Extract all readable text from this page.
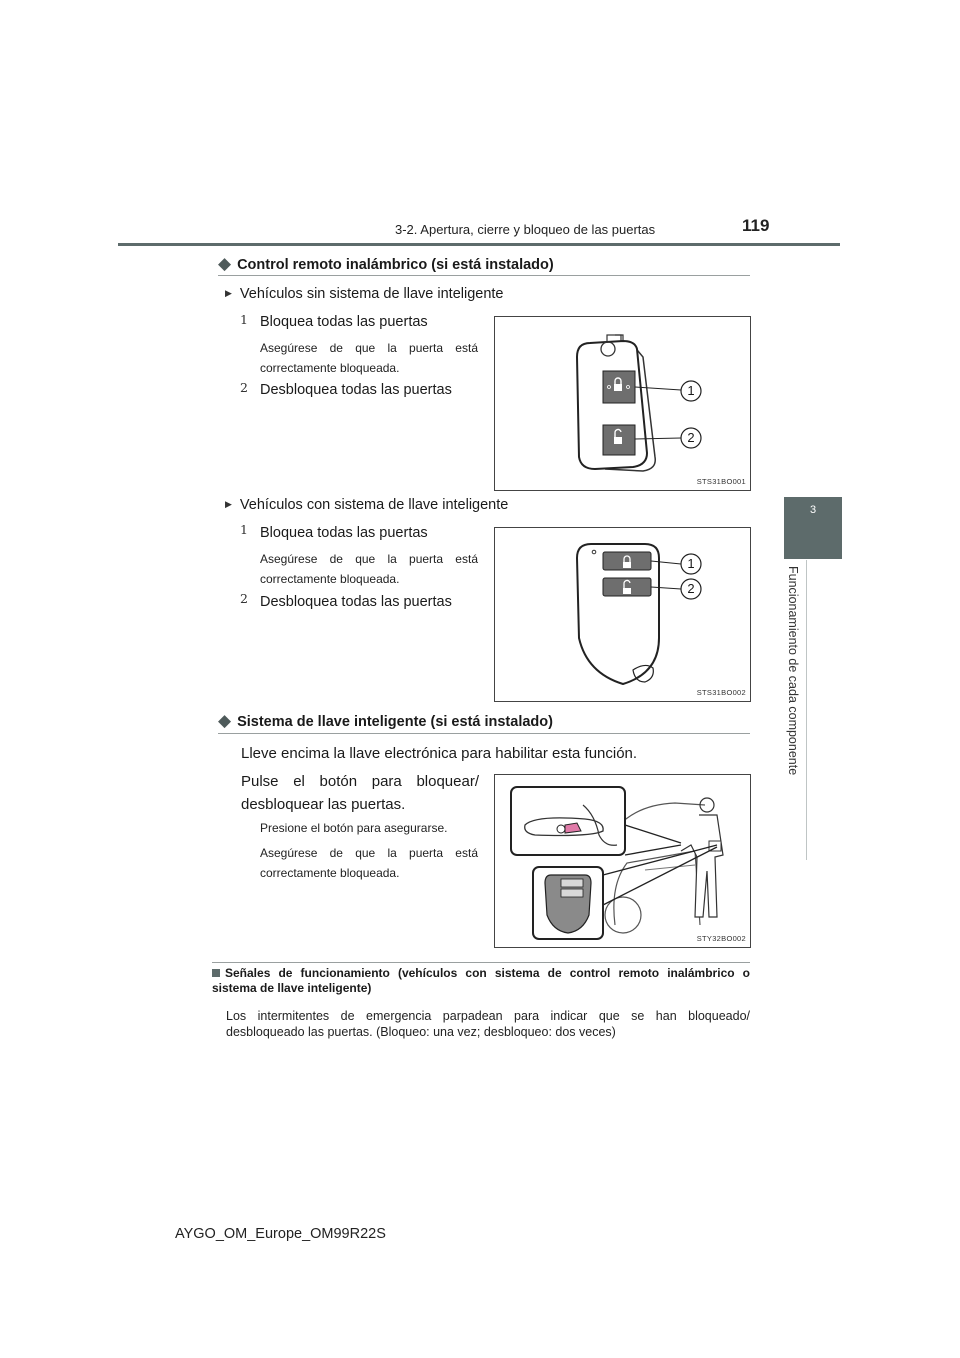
3-2. Apertura, cierre y bloqueo de las puertas	119
3
Funcionamiento de cada componente
◆ Control remoto inalámbrico (si está instalado)
▶ Vehículos sin sistema de llave inteligente
1 Bloquea todas las puertas
Asegúrese de que la puerta está correctamente bloqueada.
2 Desbloquea todas las puertas	1
2
STS31BO001
▶ Vehículos con sistema de llave inteligente
1 Bloquea todas las puertas
Asegúrese de que la puerta está correctamente bloqueada.
2 Desbloquea todas las puertas
1
2
STS31BO002
◆ Sistema de llave inteligente (si está instalado)
Lleve encima la llave electrónica para habilitar esta función.
Pulse el botón para bloquear/ desbloquear las puertas.
Presione el botón para asegurarse.
Asegúrese de que la puerta está correctamente bloqueada.
STY32BO002
Señales de funcionamiento (vehículos con sistema de control remoto inalámbrico o sistema de llave inteligente)
Los intermitentes de emergencia parpadean para indicar que se han bloqueado/ desbloqueado las puertas. (Bloqueo: una vez; desbloqueo: dos veces)
AYGO_OM_Europe_OM99R22S
